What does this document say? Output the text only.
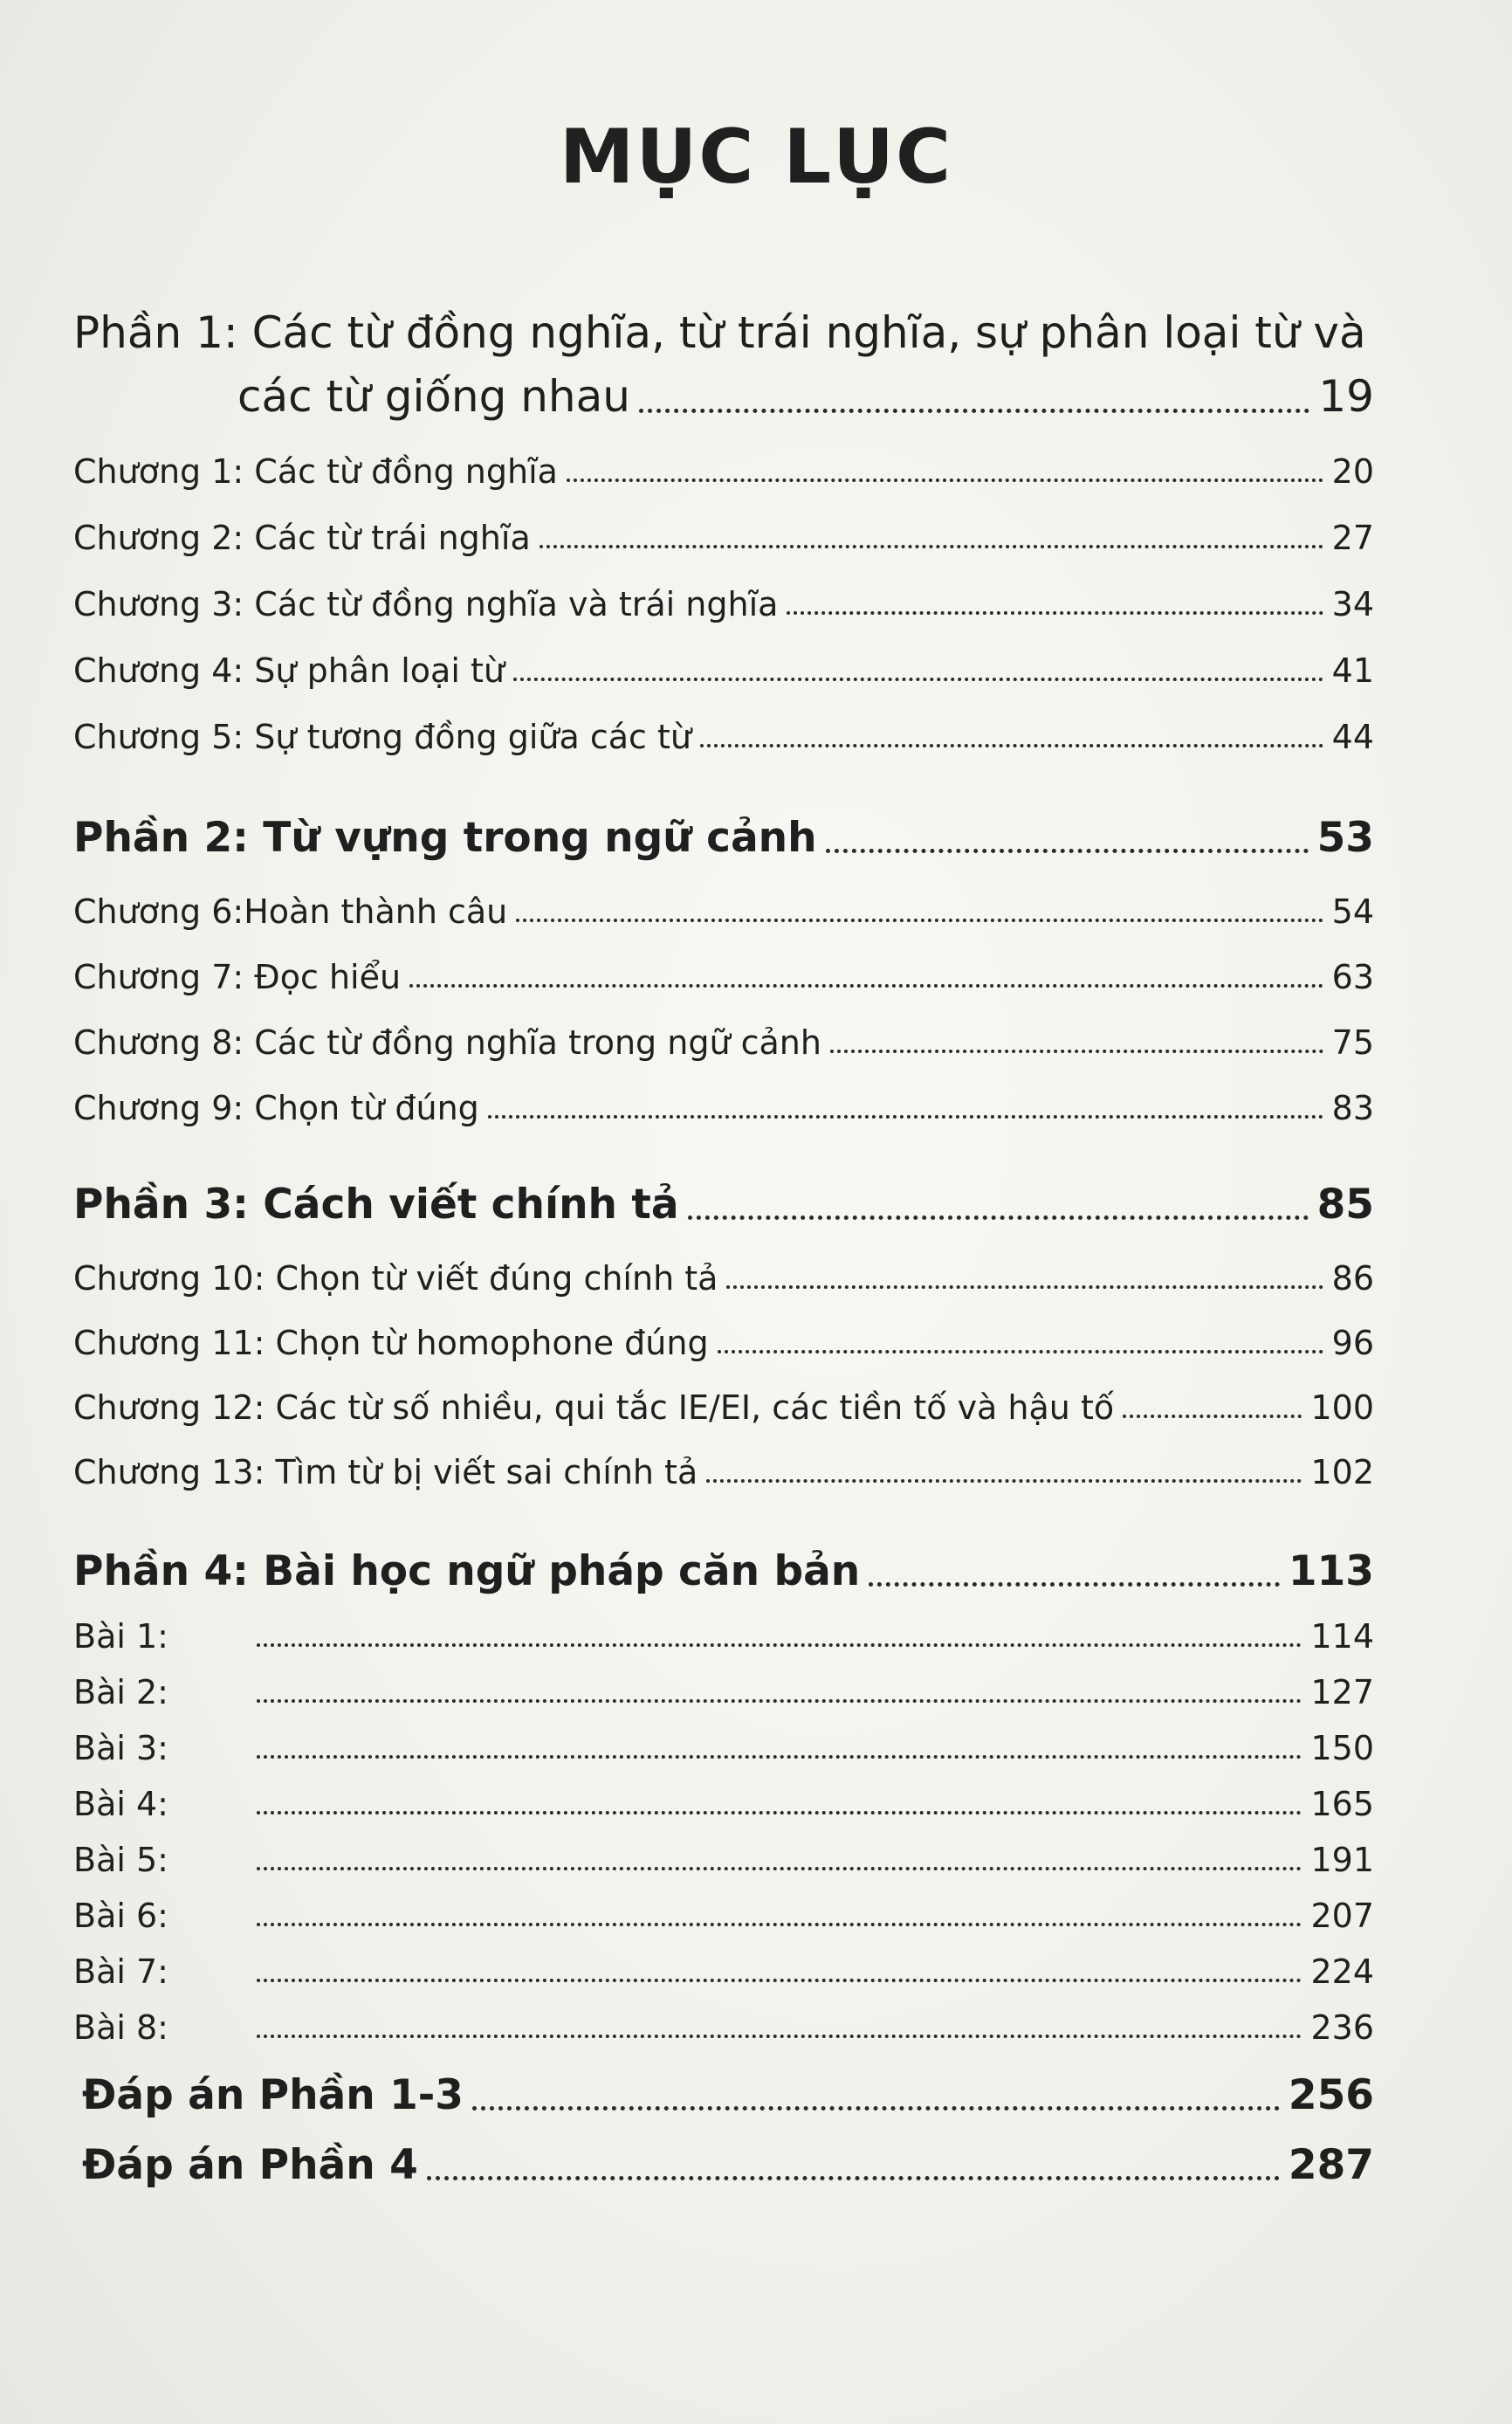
MỤC LỤC
Phần 1: Các từ đồng nghĩa, từ trái nghĩa, sự phân loại từ và
các từ giống nhau	19
Chương 1: Các từ đồng nghĩa	20
Chương 2: Các từ trái nghĩa	27
Chương 3: Các từ đồng nghĩa và trái nghĩa	34
Chương 4: Sự phân loại từ	41
Chương 5: Sự tương đồng giữa các từ	44
Phần 2: Từ vựng trong ngữ cảnh	53
Chương 6:Hoàn thành câu	54
Chương 7: Đọc hiểu	63
Chương 8: Các từ đồng nghĩa trong ngữ cảnh	75
Chương 9: Chọn từ đúng	83
Phần 3: Cách viết chính tả	85
Chương 10: Chọn từ viết đúng chính tả	86
Chương 11: Chọn từ homophone đúng	96
Chương 12: Các từ số nhiều, qui tắc IE/EI, các tiền tố và hậu tố	100
Chương 13: Tìm từ bị viết sai chính tả	102
Phần 4: Bài học ngữ pháp căn bản	113
Bài 1:	114
Bài 2:	127
Bài 3:	150
Bài 4:	165
Bài 5:	191
Bài 6:	207
Bài 7:	224
Bài 8:	236
Đáp án Phần 1-3	256
Đáp án Phần 4	287
